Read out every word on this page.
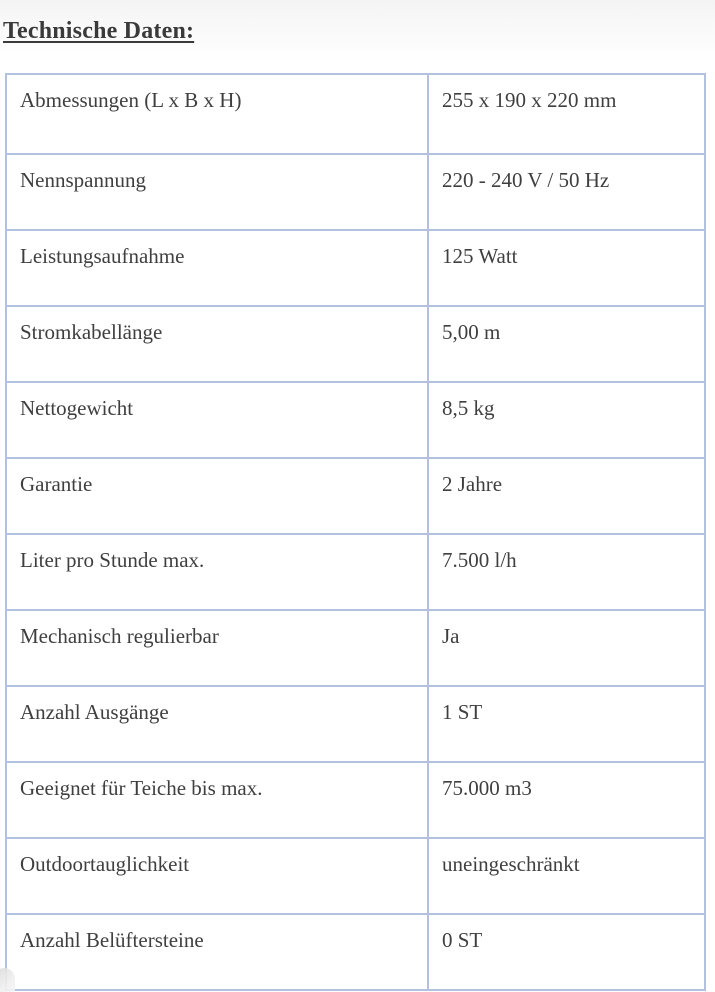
Technische Daten:
Abmessungen (L x B x H)	255 x 190 x 220 mm
Nennspannung	220 - 240 V / 50 Hz
Leistungsaufnahme	125 Watt
Stromkabellänge	5,00 m
Nettogewicht	8,5 kg
Garantie	2 Jahre
Liter pro Stunde max.	7.500 l/h
Mechanisch regulierbar	Ja
Anzahl Ausgänge	1 ST
Geeignet für Teiche bis max.	75.000 m3
Outdoortauglichkeit	uneingeschränkt
Anzahl Belüftersteine	0 ST
